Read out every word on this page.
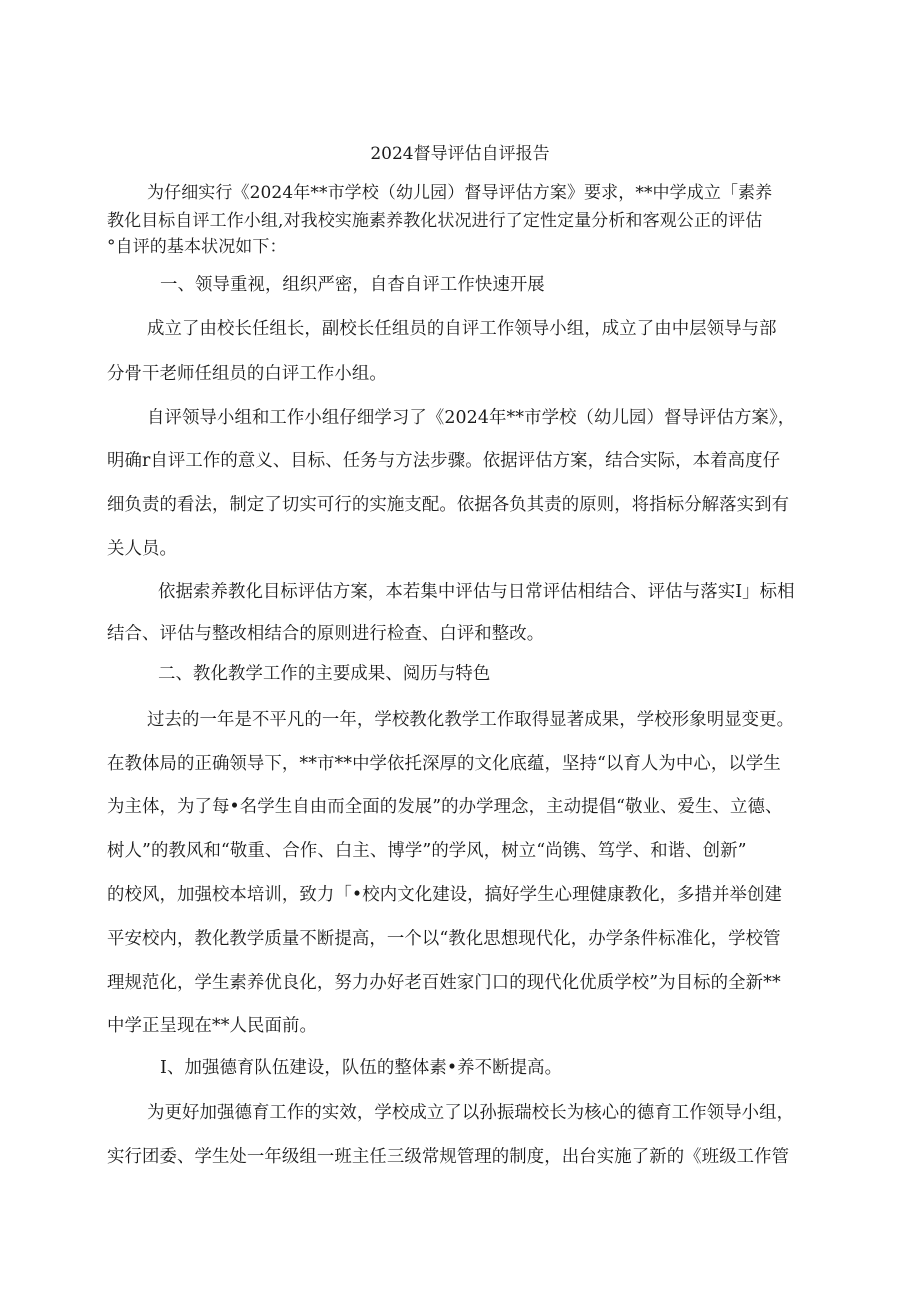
2024督导评估自评报告
为仔细实行《2024年**市学校（幼儿园）督导评估方案》要求，**中学成立「素养
教化目标自评工作小组,对我校实施素养教化状况进行了定性定量分析和客观公正的评估
°自评的基本状况如下：
一、领导重视，组织严密，自杳自评工作快速开展
成立了由校长任组长，副校长任组员的自评工作领导小组，成立了由中层领导与部
分骨干老师任组员的白评工作小组。
自评领导小组和工作小组仔细学习了《2024年**市学校（幼儿园）督导评估方案》，
明确r自评工作的意义、目标、任务与方法步骤。依据评估方案，结合实际，本着高度仔
细负责的看法，制定了切实可行的实施支配。依据各负其责的原则，将指标分解落实到有
关人员。
依据索养教化目标评估方案，本若集中评估与日常评估相结合、评估与落实I」标相
结合、评估与整改相结合的原则进行检查、白评和整改。
二、教化教学工作的主要成果、阅历与特色
过去的一年是不平凡的一年，学校教化教学工作取得显著成果，学校形象明显变更。
在教体局的正确领导下，**市**中学依托深厚的文化底蕴，坚持“以育人为中心，以学生
为主体，为了每•名学生自由而全面的发展”的办学理念，主动提倡“敬业、爱生、立德、
树人”的教风和“敬重、合作、白主、博学”的学风，树立“尚镌、笃学、和谐、创新”
的校风，加强校本培训，致力「•校内文化建设，搞好学生心理健康教化，多措并举创建
平安校内，教化教学质量不断提高，一个以“教化思想现代化，办学条件标准化，学校管
理规范化，学生素养优良化，努力办好老百姓家门口的现代化优质学校”为目标的全新**
中学正呈现在**人民面前。
I、加强德育队伍建设，队伍的整体素•养不断提高。
为更好加强德育工作的实效，学校成立了以孙振瑞校长为核心的德育工作领导小组，
实行团委、学生处一年级组一班主任三级常规管理的制度，出台实施了新的《班级工作管
